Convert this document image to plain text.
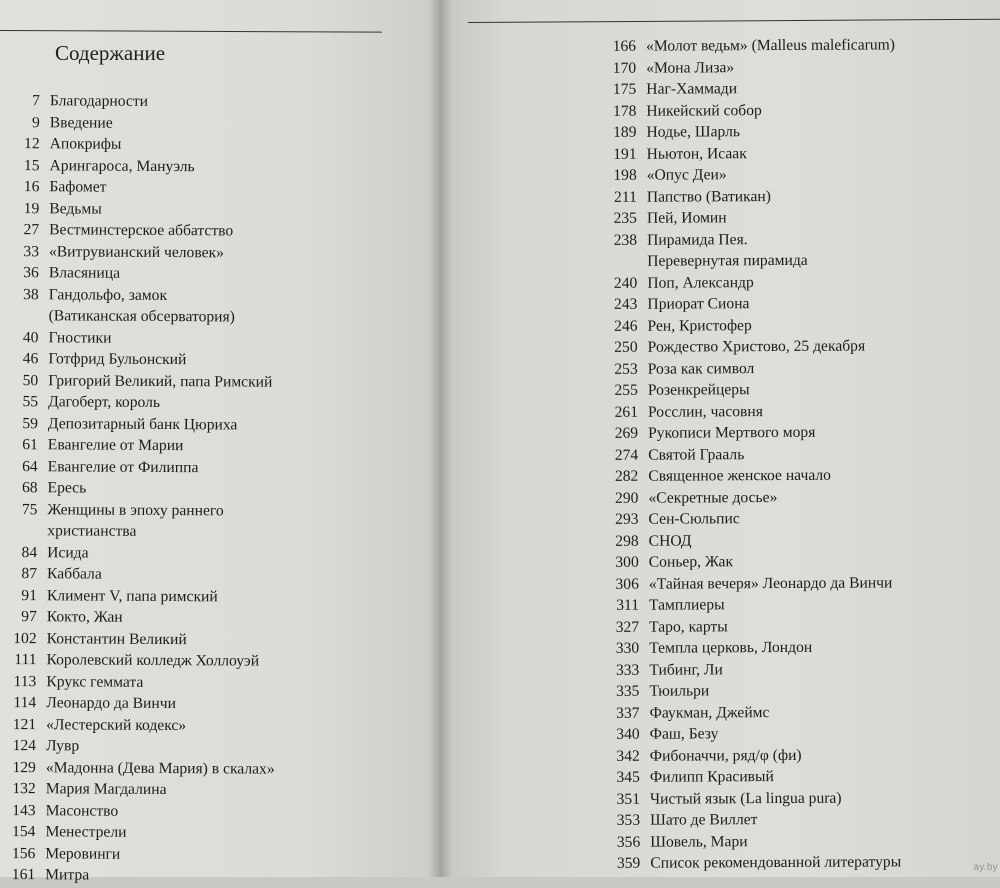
Содержание
7 Благодарности
9 Введение
12 Апокрифы
15 Арингароса, Мануэль
16 Бафомет
19 Ведьмы
27 Вестминстерское аббатство
33 «Витрувианский человек»
36 Власяница
38 Гандольфо, замок
(Ватиканская обсерватория)
40 Гностики
46 Готфрид Бульонский
50 Григорий Великий, папа Римский
55 Дагоберт, король
59 Депозитарный банк Цюриха
61 Евангелие от Марии
64 Евангелие от Филиппа
68 Ересь
75 Женщины в эпоху раннего
христианства
84 Исида
87 Каббала
91 Климент V, папа римский
97 Кокто, Жан
102 Константин Великий
111 Королевский колледж Холлоуэй
113 Крукс геммата
114 Леонардо да Винчи
121 «Лестерский кодекс»
124 Лувр
129 «Мадонна (Дева Мария) в скалах»
132 Мария Магдалина
143 Масонство
154 Менестрели
156 Меровинги
161 Митра
166 «Молот ведьм» (Malleus maleficarum)
170 «Мона Лиза»
175 Наг-Хаммади
178 Никейский собор
189 Нодье, Шарль
191 Ньютон, Исаак
198 «Опус Деи»
211 Папство (Ватикан)
235 Пей, Иомин
238 Пирамида Пея.
Перевернутая пирамида
240 Поп, Александр
243 Приорат Сиона
246 Рен, Кристофер
250 Рождество Христово, 25 декабря
253 Роза как символ
255 Розенкрейцеры
261 Росслин, часовня
269 Рукописи Мертвого моря
274 Святой Грааль
282 Священное женское начало
290 «Секретные досье»
293 Сен-Сюльпис
298 СНОД
300 Соньер, Жак
306 «Тайная вечеря» Леонардо да Винчи
311 Тамплиеры
327 Таро, карты
330 Темпла церковь, Лондон
333 Тибинг, Ли
335 Тюильри
337 Фаукман, Джеймс
340 Фаш, Безу
342 Фибоначчи, ряд/φ (фи)
345 Филипп Красивый
351 Чистый язык (La lingua pura)
353 Шато де Виллет
356 Шовель, Мари
359 Список рекомендованной литературы	ay.by
